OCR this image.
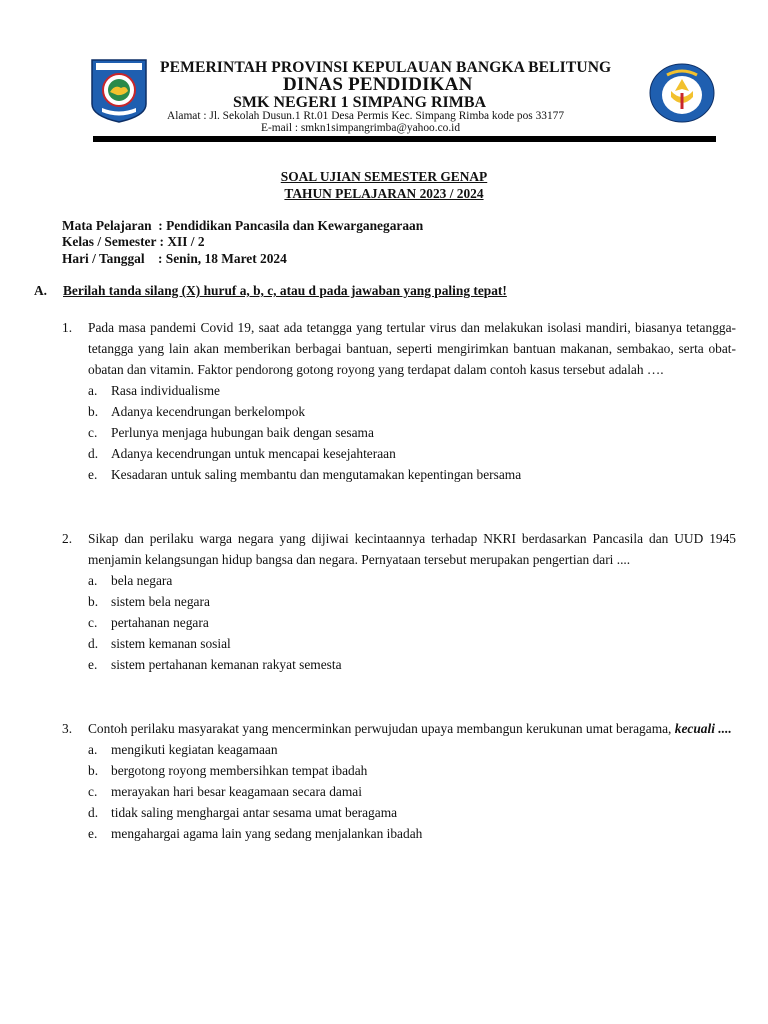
PEMERINTAH PROVINSI KEPULAUAN BANGKA BELITUNG
DINAS PENDIDIKAN
SMK NEGERI 1 SIMPANG RIMBA
Alamat : Jl. Sekolah Dusun.1 Rt.01 Desa Permis Kec. Simpang Rimba kode pos 33177
E-mail : smkn1simpangrimba@yahoo.co.id
SOAL UJIAN SEMESTER GENAP
TAHUN PELAJARAN 2023 / 2024
Mata Pelajaran  : Pendidikan Pancasila dan Kewarganegaraan
Kelas / Semester : XII / 2
Hari / Tanggal    : Senin, 18 Maret 2024
A. Berilah tanda silang (X) huruf a, b, c, atau d pada jawaban yang paling tepat!
1.	Pada masa pandemi Covid 19, saat ada tetangga yang tertular virus dan melakukan isolasi mandiri, biasanya tetangga-tetangga yang lain akan memberikan berbagai bantuan, seperti mengirimkan bantuan makanan, sembakao, serta obat-obatan dan vitamin. Faktor pendorong gotong royong yang terdapat dalam contoh kasus tersebut adalah ….
a.	Rasa individualisme
b. Adanya kecendrungan berkelompok
c.	Perlunya menjaga hubungan baik dengan sesama
d. Adanya kecendrungan untuk mencapai kesejahteraan
e.	Kesadaran untuk saling membantu dan mengutamakan kepentingan bersama
2.	Sikap dan perilaku warga negara yang dijiwai kecintaannya terhadap NKRI berdasarkan Pancasila dan UUD 1945 menjamin kelangsungan hidup bangsa dan negara. Pernyataan tersebut merupakan pengertian dari ....
a.	bela negara
b. sistem bela negara
c.	pertahanan negara
d. sistem kemanan sosial
e.	sistem pertahanan kemanan rakyat semesta
3.	Contoh perilaku masyarakat yang mencerminkan perwujudan upaya membangun kerukunan umat beragama, kecuali ....
a.	mengikuti kegiatan keagamaan
b. bergotong royong membersihkan tempat ibadah
c.	merayakan hari besar keagamaan secara damai
d. tidak saling menghargai antar sesama umat beragama
e.	mengahargai agama lain yang sedang menjalankan ibadah
